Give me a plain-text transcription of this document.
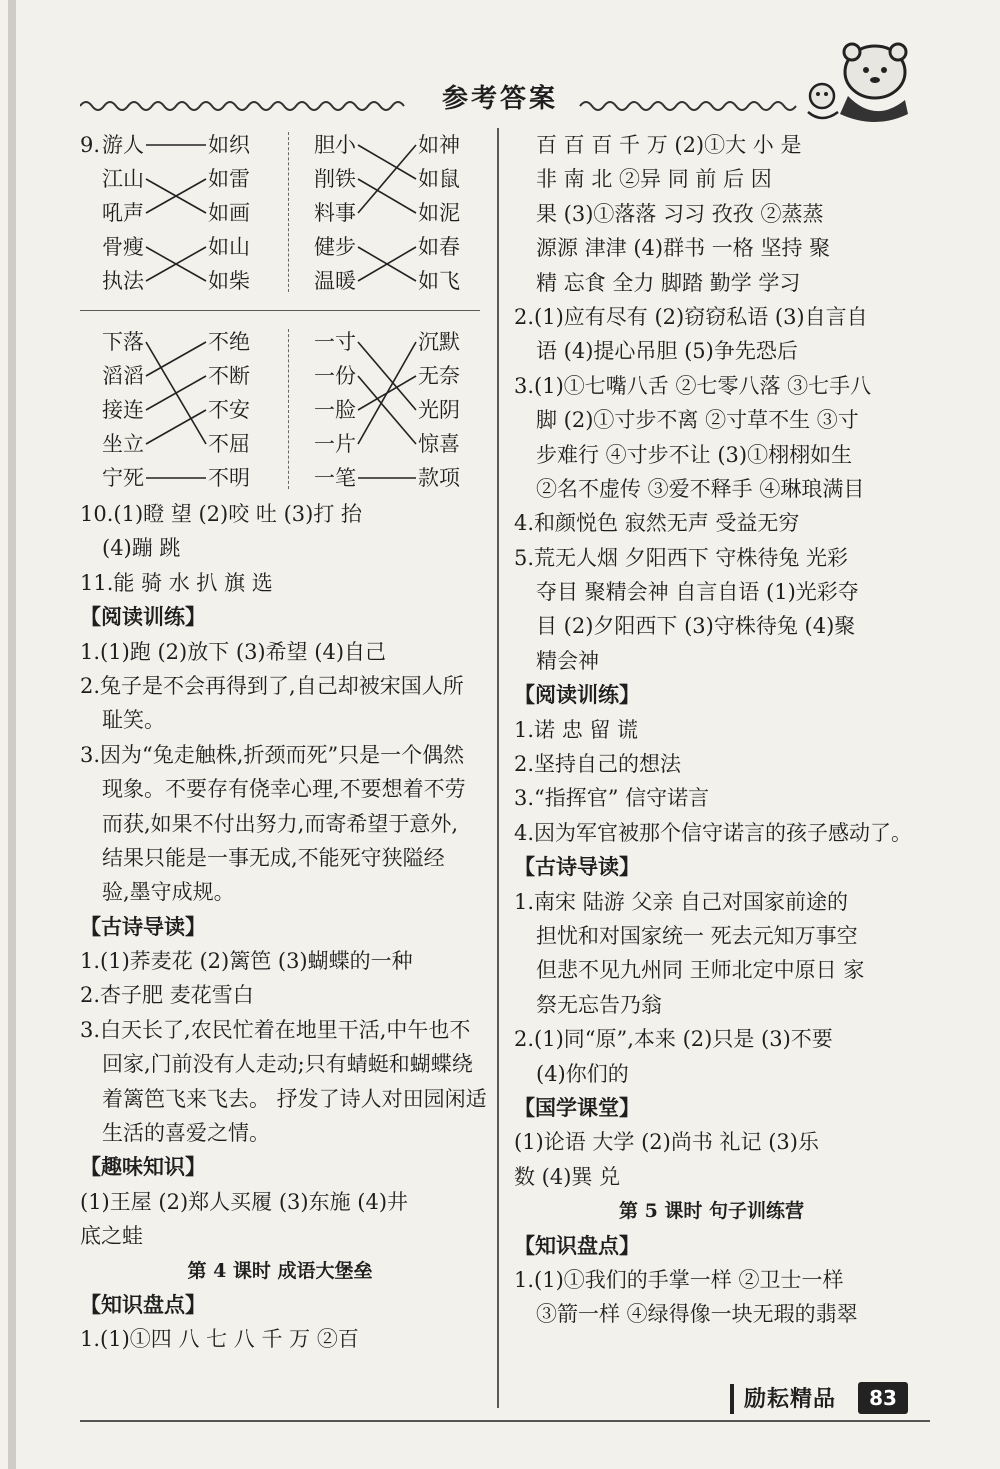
参考答案
9. 游人
江山
吼声
骨瘦
执法
如织
如雷
如画
如山
如柴
胆小
削铁
料事
健步
温暖
如神
如鼠
如泥
如春
如飞
下落
滔滔
接连
坐立
宁死
不绝
不断
不安
不屈
不明
一寸
一份
一脸
一片
一笔
沉默
无奈
光阴
惊喜
款项
10.(1)瞪 望 (2)咬 吐 (3)打 抬
(4)蹦 跳
11.能 骑 水 扒 旗 选
【阅读训练】
1.(1)跑 (2)放下 (3)希望 (4)自己
2.兔子是不会再得到了,自己却被宋国人所
耻笑。
3.因为“兔走触株,折颈而死”只是一个偶然
现象。不要存有侥幸心理,不要想着不劳
而获,如果不付出努力,而寄希望于意外,
结果只能是一事无成,不能死守狭隘经
验,墨守成规。
【古诗导读】
1.(1)荞麦花 (2)篱笆 (3)蝴蝶的一种
2.杏子肥 麦花雪白
3.白天长了,农民忙着在地里干活,中午也不
回家,门前没有人走动;只有蜻蜓和蝴蝶绕
着篱笆飞来飞去。 抒发了诗人对田园闲适
生活的喜爱之情。
【趣味知识】
(1)王屋 (2)郑人买履 (3)东施 (4)井
底之蛙
第 4 课时 成语大堡垒
【知识盘点】
1.(1)①四 八 七 八 千 万 ②百
百 百 百 千 万 (2)①大 小 是
非 南 北 ②异 同 前 后 因
果 (3)①落落 习习 孜孜 ②蒸蒸
源源 津津 (4)群书 一格 坚持 聚
精 忘食 全力 脚踏 勤学 学习
2.(1)应有尽有 (2)窃窃私语 (3)自言自
语 (4)提心吊胆 (5)争先恐后
3.(1)①七嘴八舌 ②七零八落 ③七手八
脚 (2)①寸步不离 ②寸草不生 ③寸
步难行 ④寸步不让 (3)①栩栩如生
②名不虚传 ③爱不释手 ④琳琅满目
4.和颜悦色 寂然无声 受益无穷
5.荒无人烟 夕阳西下 守株待兔 光彩
夺目 聚精会神 自言自语 (1)光彩夺
目 (2)夕阳西下 (3)守株待兔 (4)聚
精会神
【阅读训练】
1.诺 忠 留 谎
2.坚持自己的想法
3.“指挥官” 信守诺言
4.因为军官被那个信守诺言的孩子感动了。
【古诗导读】
1.南宋 陆游 父亲 自己对国家前途的
担忧和对国家统一 死去元知万事空
但悲不见九州同 王师北定中原日 家
祭无忘告乃翁
2.(1)同“原”,本来 (2)只是 (3)不要
(4)你们的
【国学课堂】
(1)论语 大学 (2)尚书 礼记 (3)乐
数 (4)巽 兑
第 5 课时 句子训练营
【知识盘点】
1.(1)①我们的手掌一样 ②卫士一样
③箭一样 ④绿得像一块无瑕的翡翠
励耘精品	83
